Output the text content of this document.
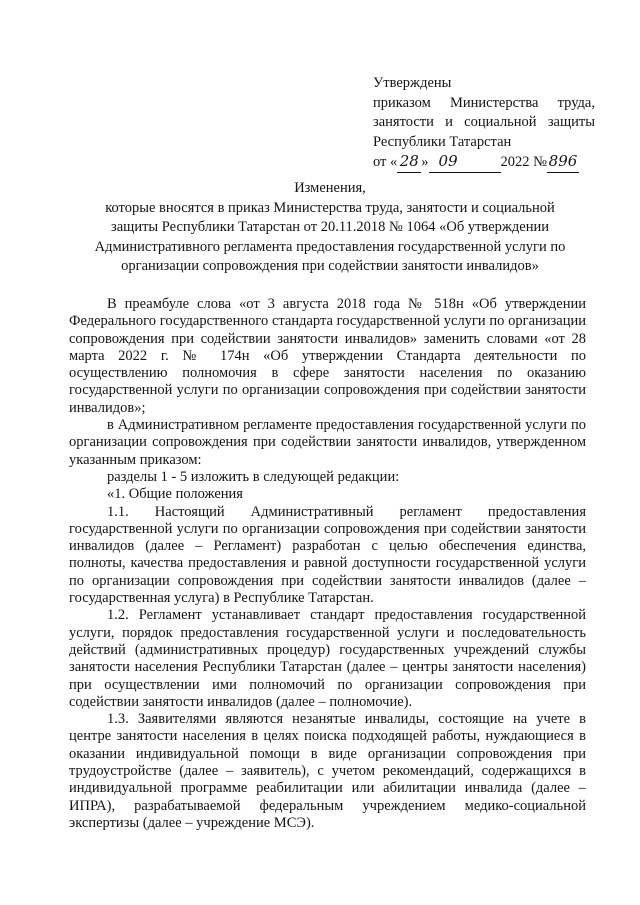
Утверждены
приказом Министерства труда,
занятости и социальной защиты
Республики Татарстан
от « 28 » 09	2022 № 896
Изменения,
которые вносятся в приказ Министерства труда, занятости и социальной
защиты Республики Татарстан от 20.11.2018 № 1064 «Об утверждении
Административного регламента предоставления государственной услуги по
организации сопровождения при содействии занятости инвалидов»

В преамбуле слова «от 3 августа 2018 года № 518н «Об утверждении Федерального государственного стандарта государственной услуги по организации сопровождения при содействии занятости инвалидов» заменить словами «от 28 марта 2022 г. № 174н «Об утверждении Стандарта деятельности по осуществлению полномочия в сфере занятости населения по оказанию государственной услуги по организации сопровождения при содействии занятости инвалидов»;

в Административном регламенте предоставления государственной услуги по организации сопровождения при содействии занятости инвалидов, утвержденном указанным приказом:

разделы 1 - 5 изложить в следующей редакции:

«1. Общие положения

1.1. Настоящий Административный регламент предоставления государственной услуги по организации сопровождения при содействии занятости инвалидов (далее – Регламент) разработан с целью обеспечения единства, полноты, качества предоставления и равной доступности государственной услуги по организации сопровождения при содействии занятости инвалидов (далее – государственная услуга) в Республике Татарстан.

1.2. Регламент устанавливает стандарт предоставления государственной услуги, порядок предоставления государственной услуги и последовательность действий (административных процедур) государственных учреждений службы занятости населения Республики Татарстан (далее – центры занятости населения) при осуществлении ими полномочий по организации сопровождения при содействии занятости инвалидов (далее – полномочие).

1.3. Заявителями являются незанятые инвалиды, состоящие на учете в центре занятости населения в целях поиска подходящей работы, нуждающиеся в оказании индивидуальной помощи в виде организации сопровождения при трудоустройстве (далее – заявитель), с учетом рекомендаций, содержащихся в индивидуальной программе реабилитации или абилитации инвалида (далее – ИПРА), разрабатываемой федеральным учреждением медико-социальной экспертизы (далее – учреждение МСЭ).
